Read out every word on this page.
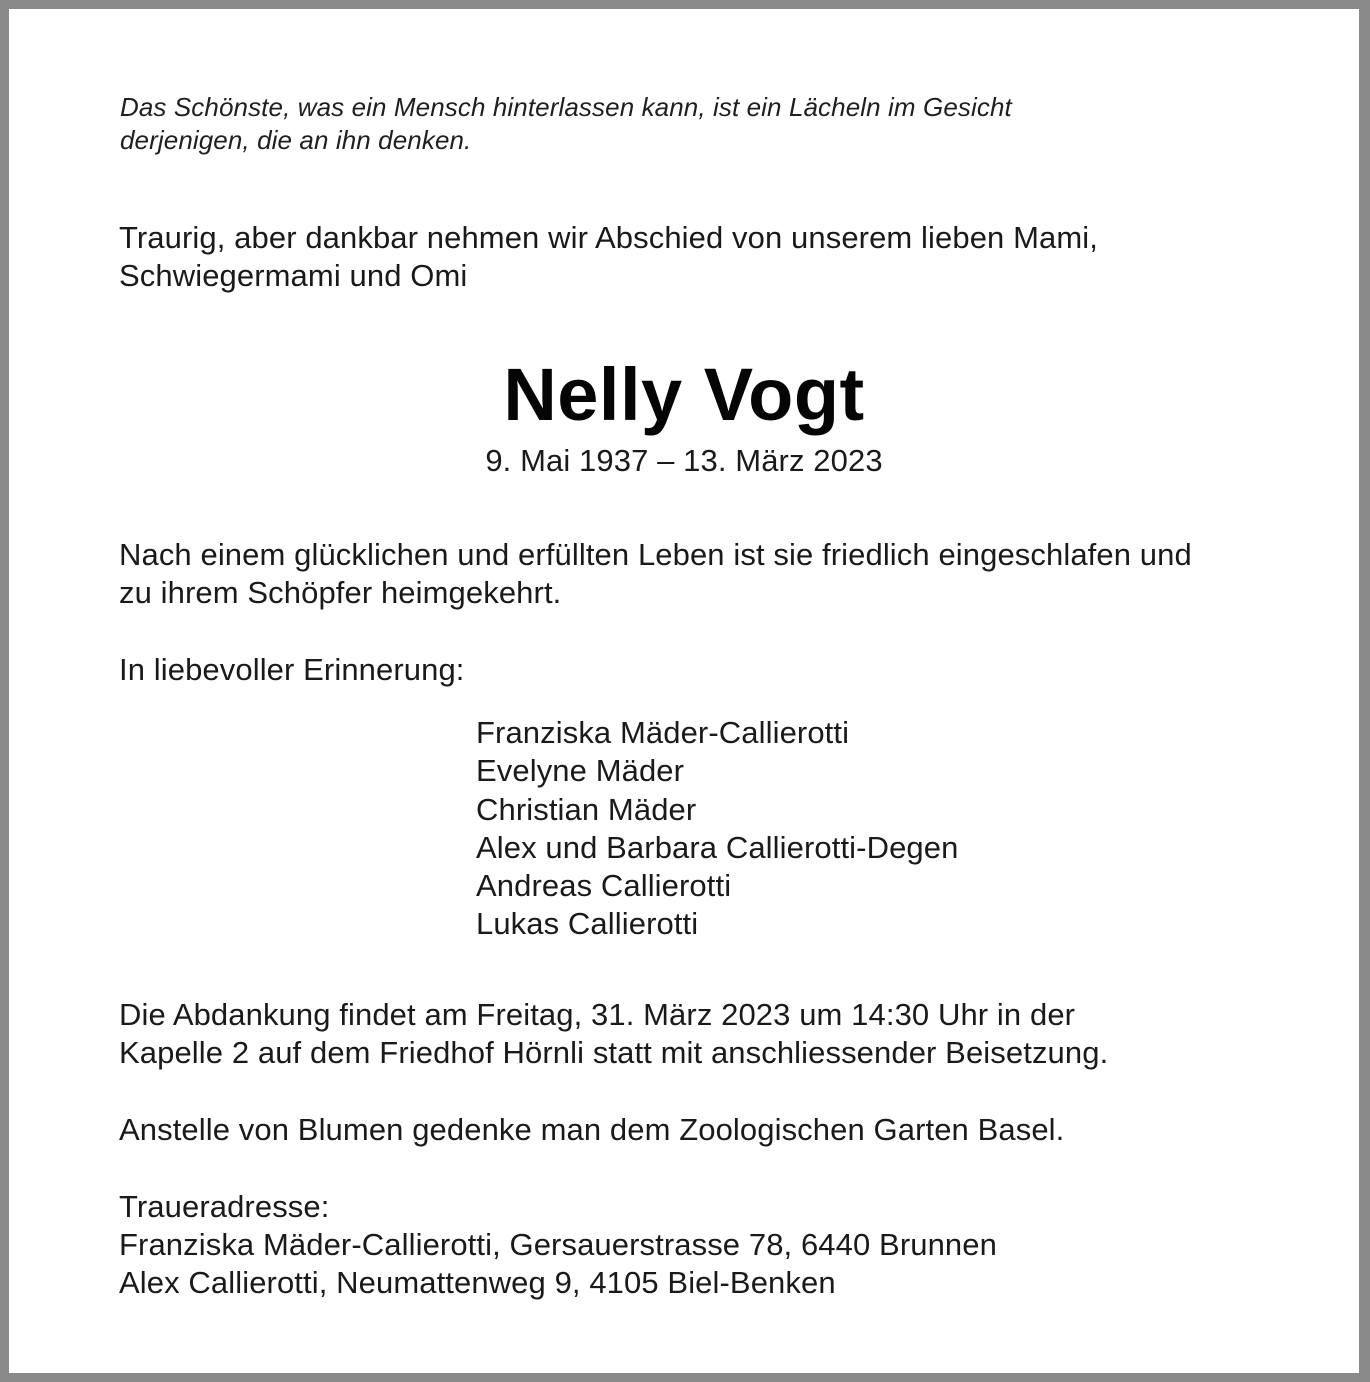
Das Schönste, was ein Mensch hinterlassen kann, ist ein Lächeln im Gesicht
derjenigen, die an ihn denken.

Traurig, aber dankbar nehmen wir Abschied von unserem lieben Mami,
Schwiegermami und Omi

Nelly Vogt

9. Mai 1937 – 13. März 2023

Nach einem glücklichen und erfüllten Leben ist sie friedlich eingeschlafen und
zu ihrem Schöpfer heimgekehrt.

In liebevoller Erinnerung:

Franziska Mäder-Callierotti
Evelyne Mäder
Christian Mäder
Alex und Barbara Callierotti-Degen
Andreas Callierotti
Lukas Callierotti

Die Abdankung findet am Freitag, 31. März 2023 um 14:30 Uhr in der
Kapelle 2 auf dem Friedhof Hörnli statt mit anschliessender Beisetzung.

Anstelle von Blumen gedenke man dem Zoologischen Garten Basel.

Traueradresse:
Franziska Mäder-Callierotti, Gersauerstrasse 78, 6440 Brunnen
Alex Callierotti, Neumattenweg 9, 4105 Biel-Benken
